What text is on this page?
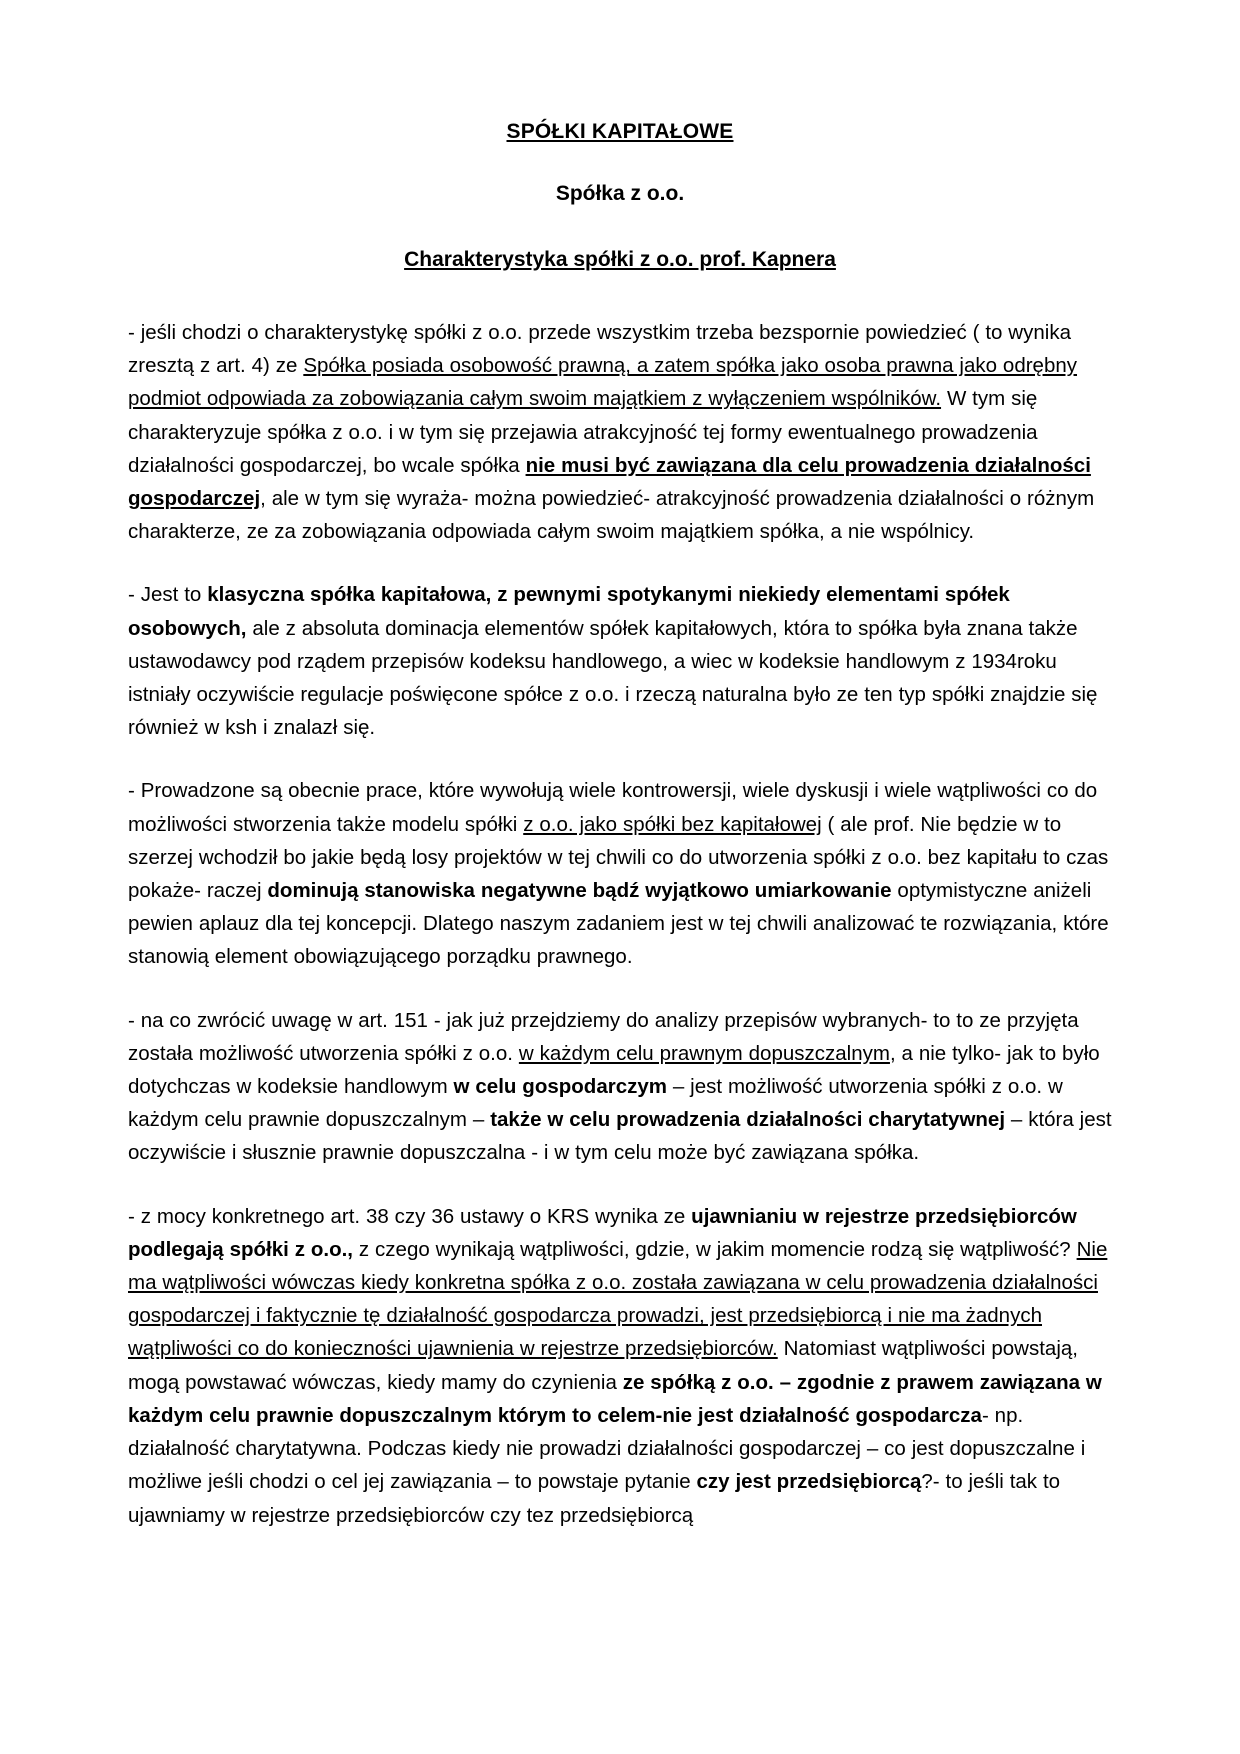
SPÓŁKI KAPITAŁOWE
Spółka z o.o.
Charakterystyka spółki z o.o. prof. Kapnera

- jeśli chodzi o charakterystykę spółki z o.o. przede wszystkim trzeba bezspornie powiedzieć ( to wynika zresztą z art. 4) ze Spółka posiada osobowość prawną, a zatem spółka jako osoba prawna jako odrębny podmiot odpowiada za zobowiązania całym swoim majątkiem z wyłączeniem wspólników. W tym się charakteryzuje spółka z o.o. i w tym się przejawia atrakcyjność tej formy ewentualnego prowadzenia działalności gospodarczej, bo wcale spółka nie musi być zawiązana dla celu prowadzenia działalności gospodarczej, ale w tym się wyraża- można powiedzieć- atrakcyjność prowadzenia działalności o różnym charakterze, ze za zobowiązania odpowiada całym swoim majątkiem spółka, a nie wspólnicy.

- Jest to klasyczna spółka kapitałowa, z pewnymi spotykanymi niekiedy elementami spółek osobowych, ale z absoluta dominacja elementów spółek kapitałowych, która to spółka była znana także ustawodawcy pod rządem przepisów kodeksu handlowego, a wiec w kodeksie handlowym z 1934roku istniały oczywiście regulacje poświęcone spółce z o.o. i rzeczą naturalna było ze ten typ spółki znajdzie się również w ksh i znalazł się.

- Prowadzone są obecnie prace, które wywołują wiele kontrowersji, wiele dyskusji i wiele wątpliwości co do możliwości stworzenia także modelu spółki z o.o. jako spółki bez kapitałowej ( ale prof. Nie będzie w to szerzej wchodził bo jakie będą losy projektów w tej chwili co do utworzenia spółki z o.o. bez kapitału to czas pokaże- raczej dominują stanowiska negatywne bądź wyjątkowo umiarkowanie optymistyczne aniżeli pewien aplauz dla tej koncepcji. Dlatego naszym zadaniem jest w tej chwili analizować te rozwiązania, które stanowią element obowiązującego porządku prawnego.

- na co zwrócić uwagę w art. 151 - jak już przejdziemy do analizy przepisów wybranych- to to ze przyjęta została możliwość utworzenia spółki z o.o. w każdym celu prawnym dopuszczalnym, a nie tylko- jak to było dotychczas w kodeksie handlowym w celu gospodarczym – jest możliwość utworzenia spółki z o.o. w każdym celu prawnie dopuszczalnym – także w celu prowadzenia działalności charytatywnej – która jest oczywiście i słusznie prawnie dopuszczalna - i w tym celu może być zawiązana spółka.

- z mocy konkretnego art. 38 czy 36 ustawy o KRS wynika ze ujawnianiu w rejestrze przedsiębiorców podlegają spółki z o.o., z czego wynikają wątpliwości, gdzie, w jakim momencie rodzą się wątpliwość? Nie ma wątpliwości wówczas kiedy konkretna spółka z o.o. została zawiązana w celu prowadzenia działalności gospodarczej i faktycznie tę działalność gospodarcza prowadzi, jest przedsiębiorcą i nie ma żadnych wątpliwości co do konieczności ujawnienia w rejestrze przedsiębiorców. Natomiast wątpliwości powstają, mogą powstawać wówczas, kiedy mamy do czynienia ze spółką z o.o. – zgodnie z prawem zawiązana w każdym celu prawnie dopuszczalnym którym to celem-nie jest działalność gospodarcza- np. działalność charytatywna. Podczas kiedy nie prowadzi działalności gospodarczej – co jest dopuszczalne i możliwe jeśli chodzi o cel jej zawiązania – to powstaje pytanie czy jest przedsiębiorcą?- to jeśli tak to ujawniamy w rejestrze przedsiębiorców czy tez przedsiębiorcą
